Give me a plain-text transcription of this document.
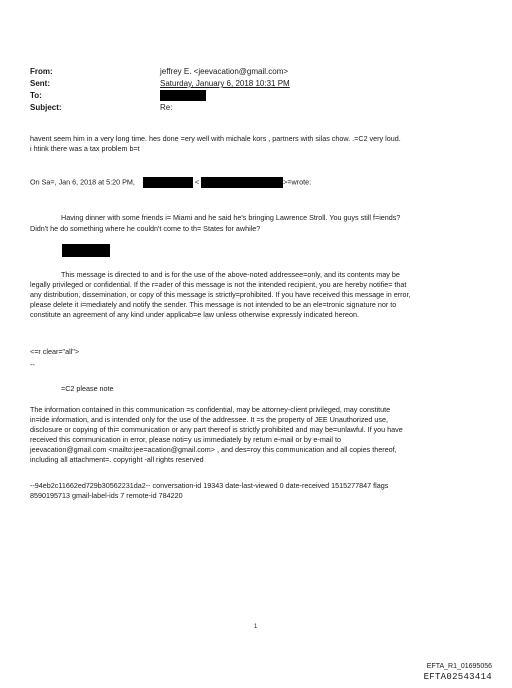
From:	jeffrey E. <jeevacation@gmail.com>
Sent:	Saturday, January 6, 2018 10:31 PM
To:
Subject:	Re:
havent seem him in a very long time. hes done =ery well with michale kors , partners with silas chow. .=C2 very loud.
i htink there was a tax problem b=t
On Sa=, Jan 6, 2018 at 5:20 PM,	<	>=wrote:
Having dinner with some friends i= Miami and he said he's bringing Lawrence Stroll. You guys still f=iends?
Didn't he do something where he couldn't come to th= States for awhile?
This message is directed to and is for the use of the above-noted addressee=only, and its contents may be
legally privileged or confidential. If the r=ader of this message is not the intended recipient, you are hereby notifie= that
any distribution, dissemination, or copy of this message is strictly=prohibited. If you have received this message in error,
please delete it i=mediately and notify the sender. This message is not intended to be an ele=tronic signature nor to
constitute an agreement of any kind under applicab=e law unless otherwise expressly indicated hereon.
<=r clear="all">
--
=C2 please note
The information contained in this communication =s confidential, may be attorney-client privileged, may constitute
in=ide information, and is intended only for the use of the addressee. It =s the property of JEE Unauthorized use,
disclosure or copying of thi= communication or any part thereof is strictly prohibited and may be=unlawful. If you have
received this communication in error, please noti=y us immediately by return e-mail or by e-mail to
jeevacation@gmail.com <mailto:jee=acation@gmail.com> , and des=roy this communication and all copies thereof,
including all attachment=. copyright -all rights reserved
--94eb2c11662ed729b30562231da2-- conversation-id 19343 date-last-viewed 0 date-received 1515277847 flags
8590195713 gmail-label-ids 7 remote-id 784220
1
EFTA_R1_01695056
EFTA02543414
